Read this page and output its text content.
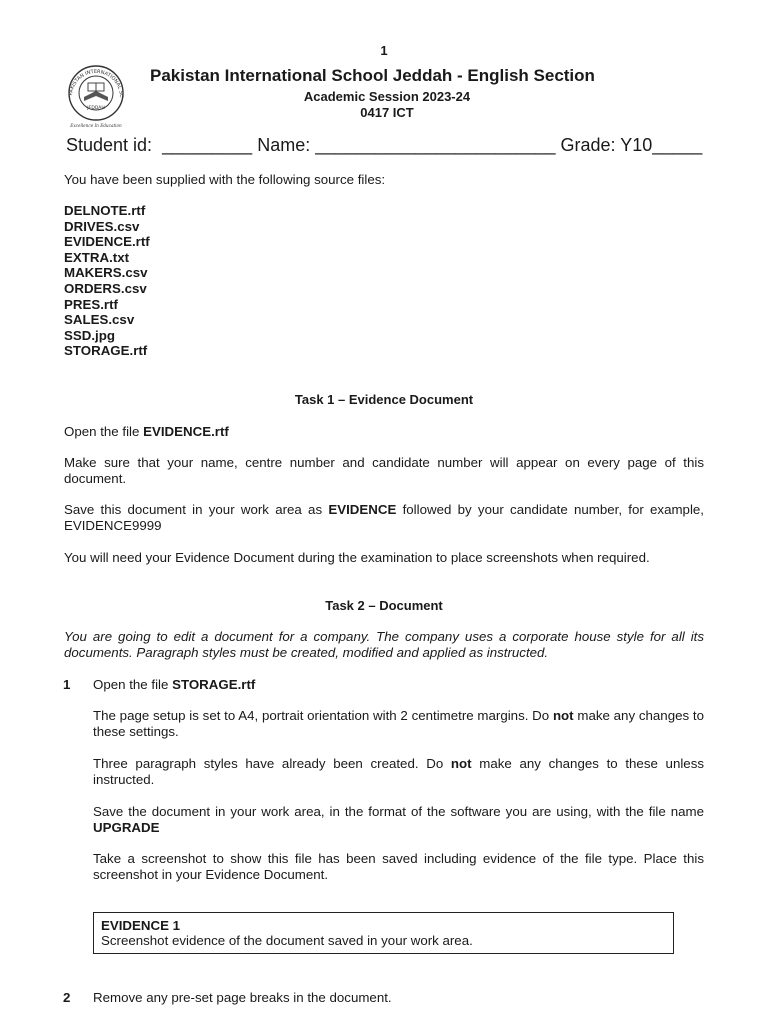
1
PAKISTAN INTERNATIONAL SC
JEDDAH
Excellence In Education
Pakistan International School Jeddah - English Section
Academic Session 2023-24
0417 ICT
Student id: _________ Name: ________________________ Grade: Y10_____
You have been supplied with the following source files:
DELNOTE.rtf
DRIVES.csv
EVIDENCE.rtf
EXTRA.txt
MAKERS.csv
ORDERS.csv
PRES.rtf
SALES.csv
SSD.jpg
STORAGE.rtf
Task 1 – Evidence Document
Open the file EVIDENCE.rtf
Make sure that your name, centre number and candidate number will appear on every page of this document.
Save this document in your work area as EVIDENCE followed by your candidate number, for example, EVIDENCE9999
You will need your Evidence Document during the examination to place screenshots when required.
Task 2 – Document
You are going to edit a document for a company. The company uses a corporate house style for all its documents. Paragraph styles must be created, modified and applied as instructed.
1 Open the file STORAGE.rtf
The page setup is set to A4, portrait orientation with 2 centimetre margins. Do not make any changes to these settings.
Three paragraph styles have already been created. Do not make any changes to these unless instructed.
Save the document in your work area, in the format of the software you are using, with the file name UPGRADE
Take a screenshot to show this file has been saved including evidence of the file type. Place this screenshot in your Evidence Document.
EVIDENCE 1
Screenshot evidence of the document saved in your work area.
2 Remove any pre-set page breaks in the document.
